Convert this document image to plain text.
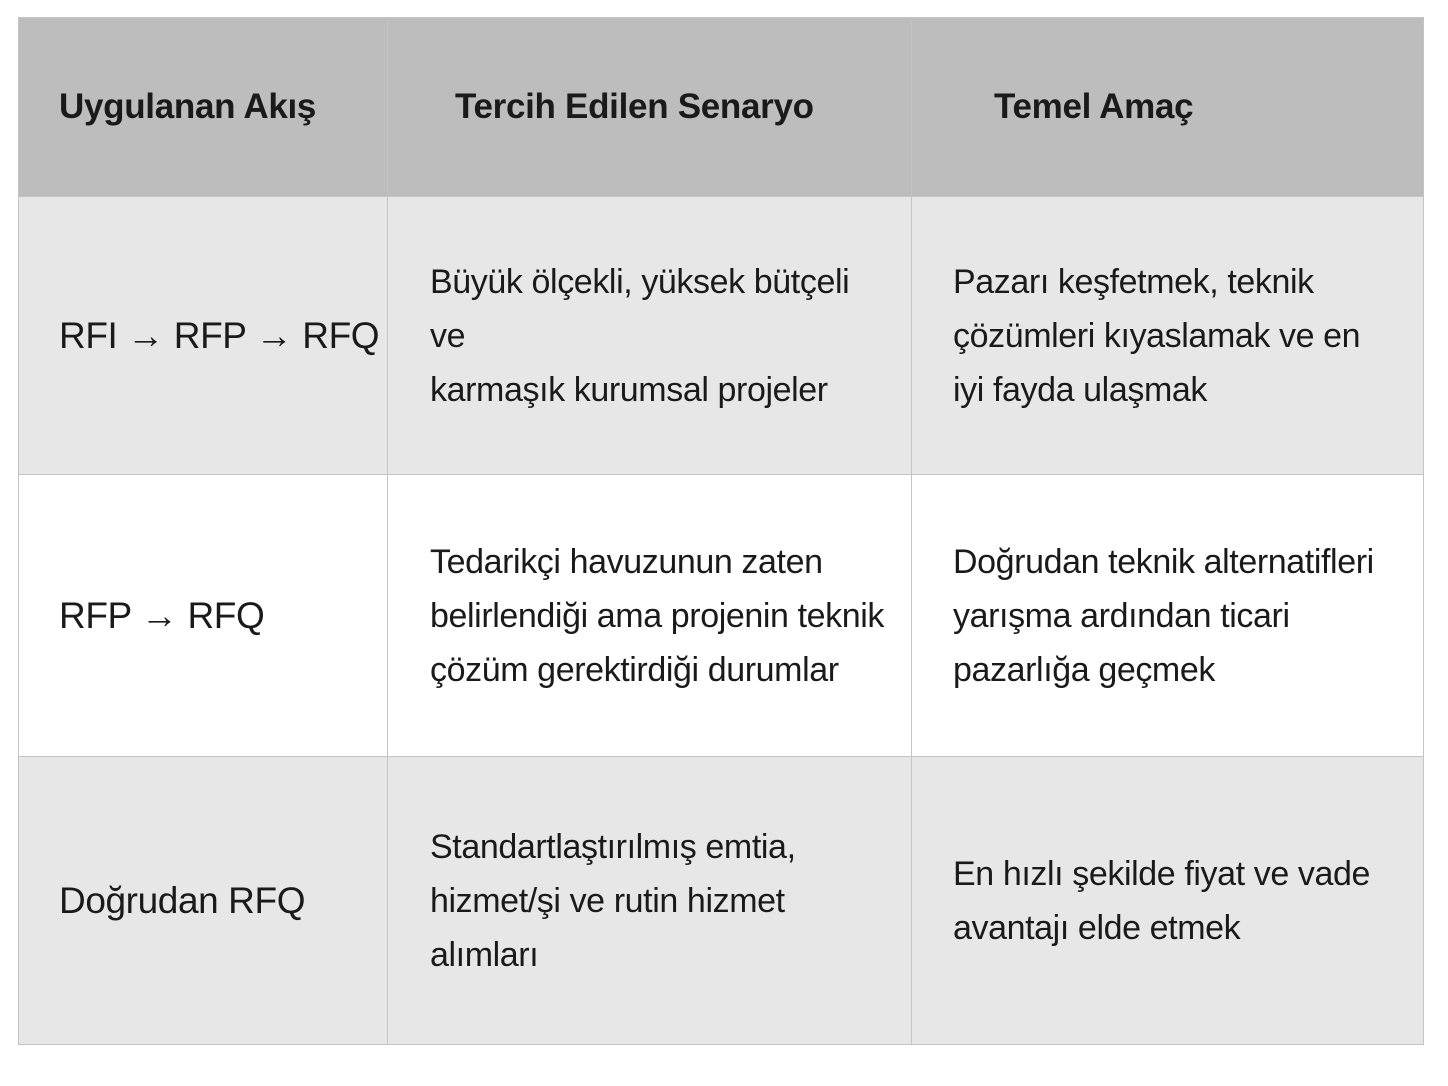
Uygulanan Akış	Tercih Edilen Senaryo	Temel Amaç
RFI → RFP → RFQ
Büyük ölçekli, yüksek bütçeli ve
karmaşık kurumsal projeler
Pazarı keşfetmek, teknik
çözümleri kıyaslamak ve en
iyi fayda ulaşmak
RFP → RFQ
Tedarikçi havuzunun zaten
belirlendiği ama projenin teknik
çözüm gerektirdiği durumlar
Doğrudan teknik alternatifleri
yarışma ardından ticari
pazarlığa geçmek
Doğrudan RFQ
Standartlaştırılmış emtia,
hizmet/şi ve rutin hizmet
alımları
En hızlı şekilde fiyat ve vade
avantajı elde etmek
